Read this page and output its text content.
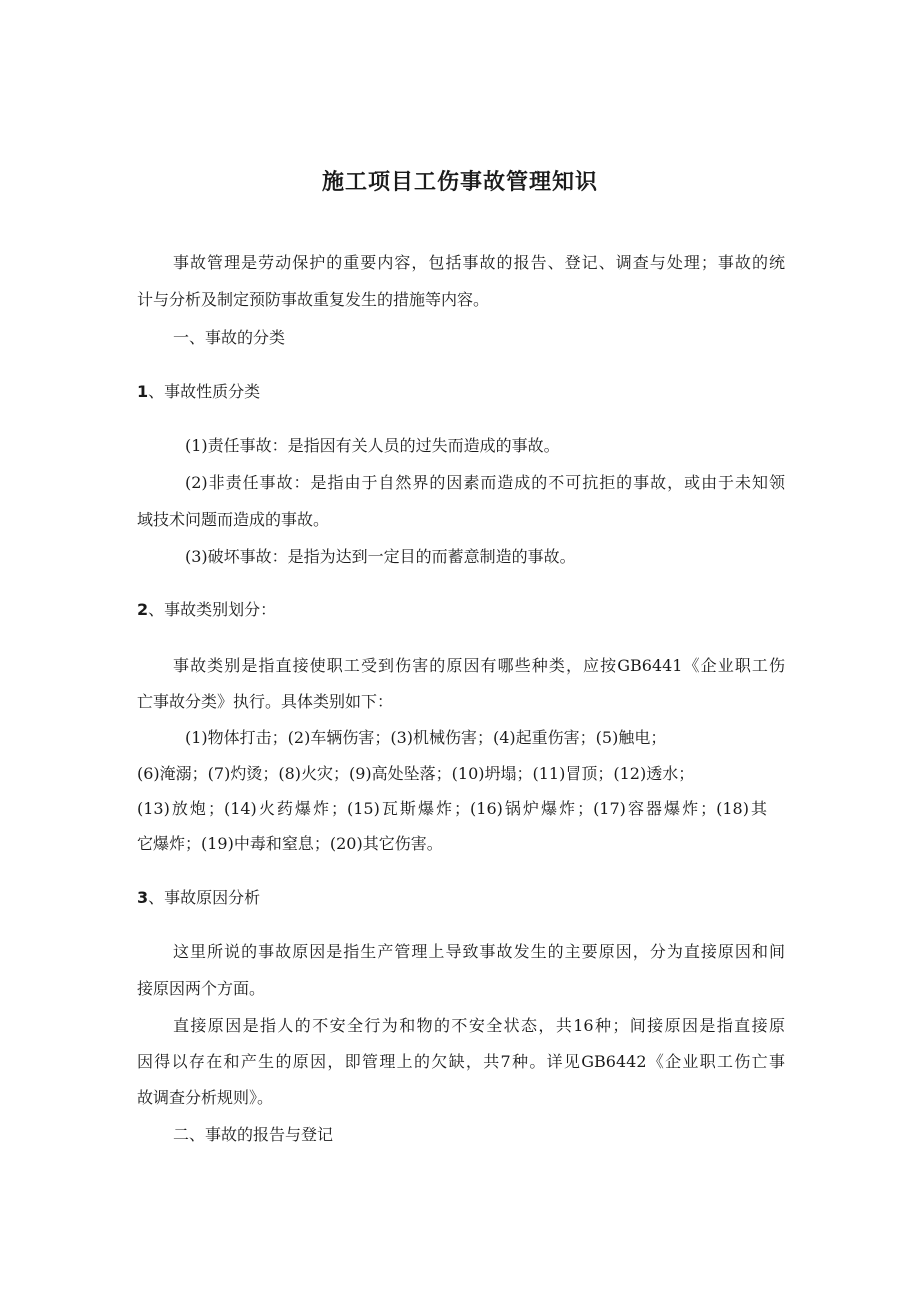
施工项目工伤事故管理知识

事故管理是劳动保护的重要内容，包括事故的报告、登记、调查与处理；事故的统

计与分析及制定预防事故重复发生的措施等内容。

一、事故的分类

1、事故性质分类

(1)责任事故：是指因有关人员的过失而造成的事故。

(2)非责任事故：是指由于自然界的因素而造成的不可抗拒的事故，或由于未知领

域技术问题而造成的事故。

(3)破坏事故：是指为达到一定目的而蓄意制造的事故。

2、事故类别划分：

事故类别是指直接使职工受到伤害的原因有哪些种类，应按GB6441《企业职工伤

亡事故分类》执行。具体类别如下：

(1)物体打击；(2)车辆伤害；(3)机械伤害；(4)起重伤害；(5)触电；

(6)淹溺；(7)灼烫；(8)火灾；(9)高处坠落；(10)坍塌；(11)冒顶；(12)透水；

(13)放炮；(14)火药爆炸；(15)瓦斯爆炸；(16)锅炉爆炸；(17)容器爆炸；(18)其

它爆炸；(19)中毒和窒息；(20)其它伤害。

3、事故原因分析

这里所说的事故原因是指生产管理上导致事故发生的主要原因，分为直接原因和间

接原因两个方面。

直接原因是指人的不安全行为和物的不安全状态，共16种；间接原因是指直接原

因得以存在和产生的原因，即管理上的欠缺，共7种。详见GB6442《企业职工伤亡事

故调查分析规则》。

二、事故的报告与登记
